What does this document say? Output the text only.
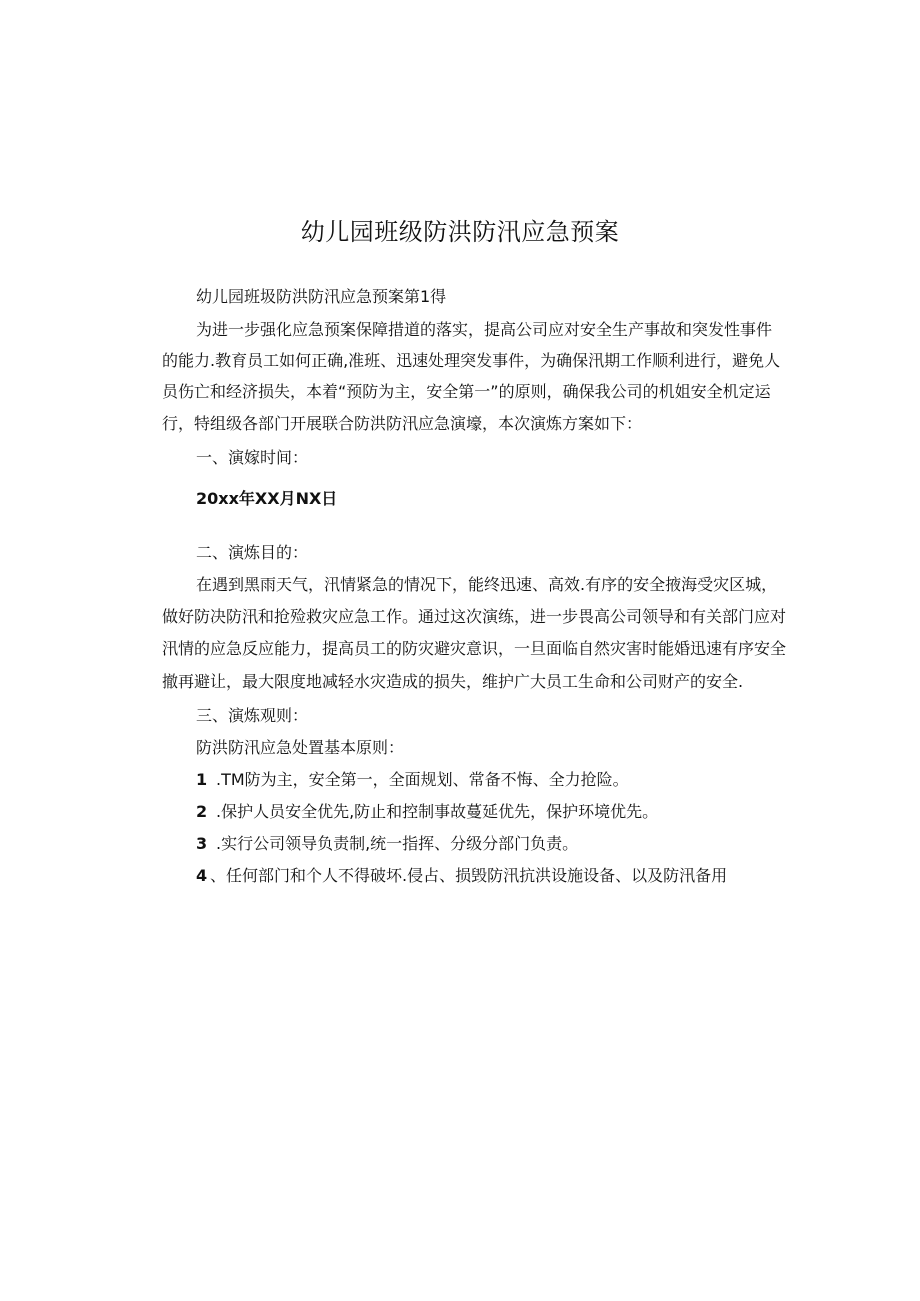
幼儿园班级防洪防汛应急预案
幼儿园班圾防洪防汛应急预案第1得
为进一步强化应急预案保障措道的落实，提高公司应对安全生产事故和突发性事件
的能力.教育员工如何正确,准班、迅速处理突发事件，为确保汛期工作顺利进行，避免人
员伤亡和经济损失，本着“预防为主，安全第一”的原则，确保我公司的机姐安全机定运
行，特组级各部门开展联合防洪防汛应急演壕，本次演炼方案如下：
一、演嫁时间：
20xx年XX月NX日
二、演炼目的：
在遇到黑雨天气，汛情紧急的情况下，能终迅速、高效.有序的安全掖海受灾区城，
做好防决防汛和抢殓救灾应急工作。通过这次演练，进一步畏高公司领导和有关部门应对
汛情的应急反应能力，提高员工的防灾避灾意识，一旦面临自然灾害时能婚迅速有序安全
撤再避让，最大限度地减轻水灾造成的损失，维护广大员工生命和公司财产的安全.
三、演炼观则：
防洪防汛应急处置基本原则：
1 .TM防为主，安全第一，全面规划、常备不悔、全力抢险。
2 .保护人员安全优先,防止和控制事故蔓延优先，保护环境优先。
3 .实行公司领导负责制,统一指挥、分级分部门负责。
4 、任何部门和个人不得破坏.侵占、损毁防汛抗洪设施设备、以及防汛备用
